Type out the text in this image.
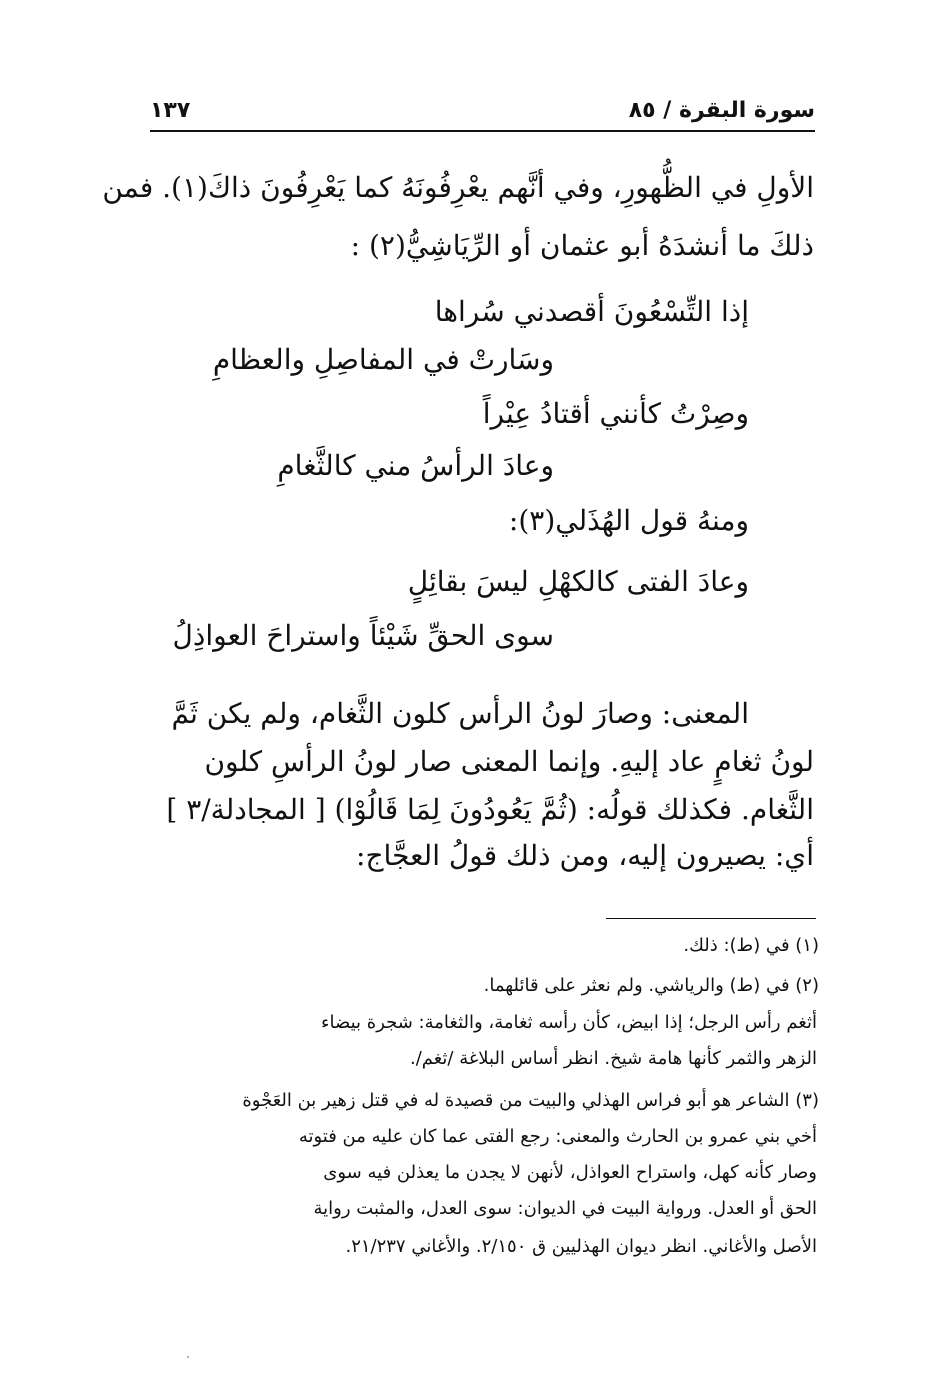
سورة البقرة / ٨٥
١٣٧
الأولِ في الظُّهورِ، وفي أنَّهم يعْرِفُونَهُ كما يَعْرِفُونَ ذاكَ(١). فمن
ذلكَ ما أنشدَهُ أبو عثمان أو الرِّيَاشِيُّ(٢) :
إذا التِّسْعُونَ أقصدني سُراها
وسَارتْ في المفاصِلِ والعظامِ
وصِرْتُ كأنني أقتادُ عِيْراً
وعادَ الرأسُ مني كالثَّغامِ
ومنهُ قول الهُذَلي(٣):
وعادَ الفتى كالكهْلِ ليسَ بقائِلٍ
سوى الحقِّ شَيْئاً واستراحَ العواذِلُ
المعنى: وصارَ لونُ الرأس كلون الثَّغام، ولم يكن ثَمَّ
لونُ ثغامٍ عاد إليهِ. وإنما المعنى صار لونُ الرأسِ كلون
الثَّغام. فكذلك قولُه: (ثُمَّ يَعُودُونَ لِمَا قَالُوْا) [ المجادلة/٣ ]
أي: يصيرون إليه، ومن ذلك قولُ العجَّاج:
(١) في (ط): ذلك.
(٢) في (ط) والرياشي. ولم نعثر على قائلهما.
أثغم رأس الرجل؛ إذا ابيض، كأن رأسه ثغامة، والثغامة: شجرة بيضاء
الزهر والثمر كأنها هامة شيخ. انظر أساس البلاغة /ثغم/.
(٣) الشاعر هو أبو فراس الهذلي والبيت من قصيدة له في قتل زهير بن العَجْوة
أخي بني عمرو بن الحارث والمعنى: رجع الفتى عما كان عليه من فتوته
وصار كأنه كهل، واستراح العواذل، لأنهن لا يجدن ما يعذلن فيه سوى
الحق أو العدل. ورواية البيت في الديوان: سوى العدل، والمثبت رواية
الأصل والأغاني. انظر ديوان الهذليين ق ٢/١٥٠. والأغاني ٢١/٢٣٧.
